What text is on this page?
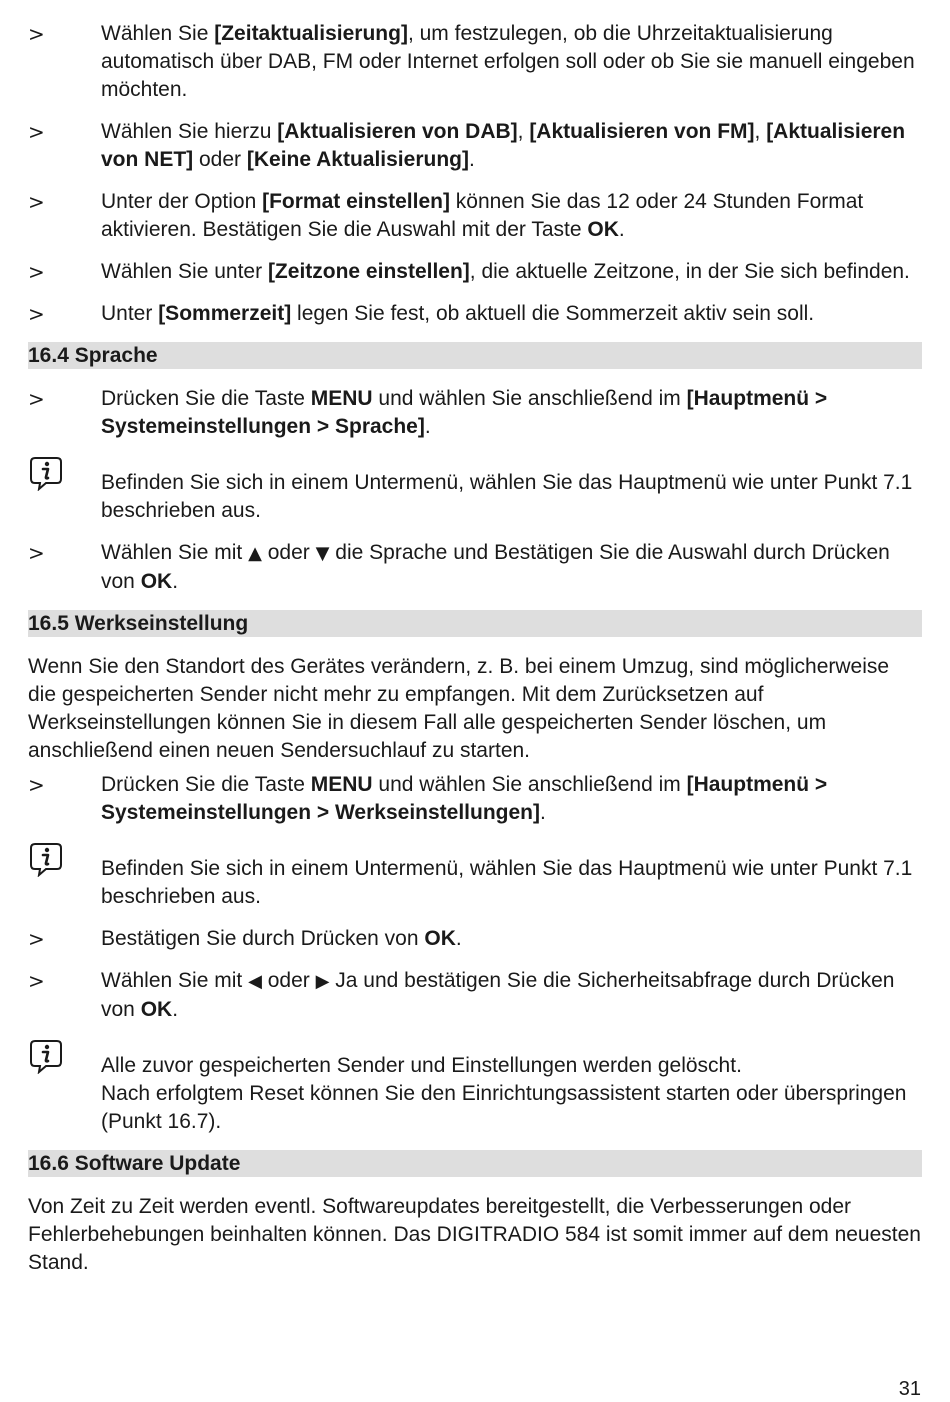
>	Wählen Sie [Zeitaktualisierung], um festzulegen, ob die Uhrzeitaktualisierung automatisch über DAB, FM oder Internet erfolgen soll oder ob Sie sie manuell eingeben möchten.
>	Wählen Sie hierzu [Aktualisieren von DAB], [Aktualisieren von FM], [Aktualisieren von NET] oder [Keine Aktualisierung].
>	Unter der Option [Format einstellen] können Sie das 12 oder 24 Stunden Format aktivieren. Bestätigen Sie die Auswahl mit der Taste OK.
>	Wählen Sie unter [Zeitzone einstellen], die aktuelle Zeitzone, in der Sie sich befinden.
>	Unter [Sommerzeit] legen Sie fest, ob aktuell die Sommerzeit aktiv sein soll.
16.4 Sprache
>	Drücken Sie die Taste MENU und wählen Sie anschließend im [Hauptmenü > Systemeinstellungen > Sprache].
Befinden Sie sich in einem Untermenü, wählen Sie das Hauptmenü wie unter Punkt 7.1 beschrieben aus.
>	Wählen Sie mit ▲ oder ▼ die Sprache und Bestätigen Sie die Auswahl durch Drücken von OK.
16.5 Werkseinstellung

Wenn Sie den Standort des Gerätes verändern, z. B. bei einem Umzug, sind möglicherweise die gespeicherten Sender nicht mehr zu empfangen. Mit dem Zurücksetzen auf Werkseinstellungen können Sie in diesem Fall alle gespeicherten Sender löschen, um anschließend einen neuen Sendersuchlauf zu starten.

>	Drücken Sie die Taste MENU und wählen Sie anschließend im [Hauptmenü > Systemeinstellungen > Werkseinstellungen].
Befinden Sie sich in einem Untermenü, wählen Sie das Hauptmenü wie unter Punkt 7.1 beschrieben aus.
>	Bestätigen Sie durch Drücken von OK.
>	Wählen Sie mit ◀ oder ▶ Ja und bestätigen Sie die Sicherheitsabfrage durch Drücken von OK.
Alle zuvor gespeicherten Sender und Einstellungen werden gelöscht.
Nach erfolgtem Reset können Sie den Einrichtungsassistent starten oder überspringen (Punkt 16.7).
16.6 Software Update

Von Zeit zu Zeit werden eventl. Softwareupdates bereitgestellt, die Verbesserungen oder Fehlerbehebungen beinhalten können. Das DIGITRADIO 584 ist somit immer auf dem neuesten Stand.

31
